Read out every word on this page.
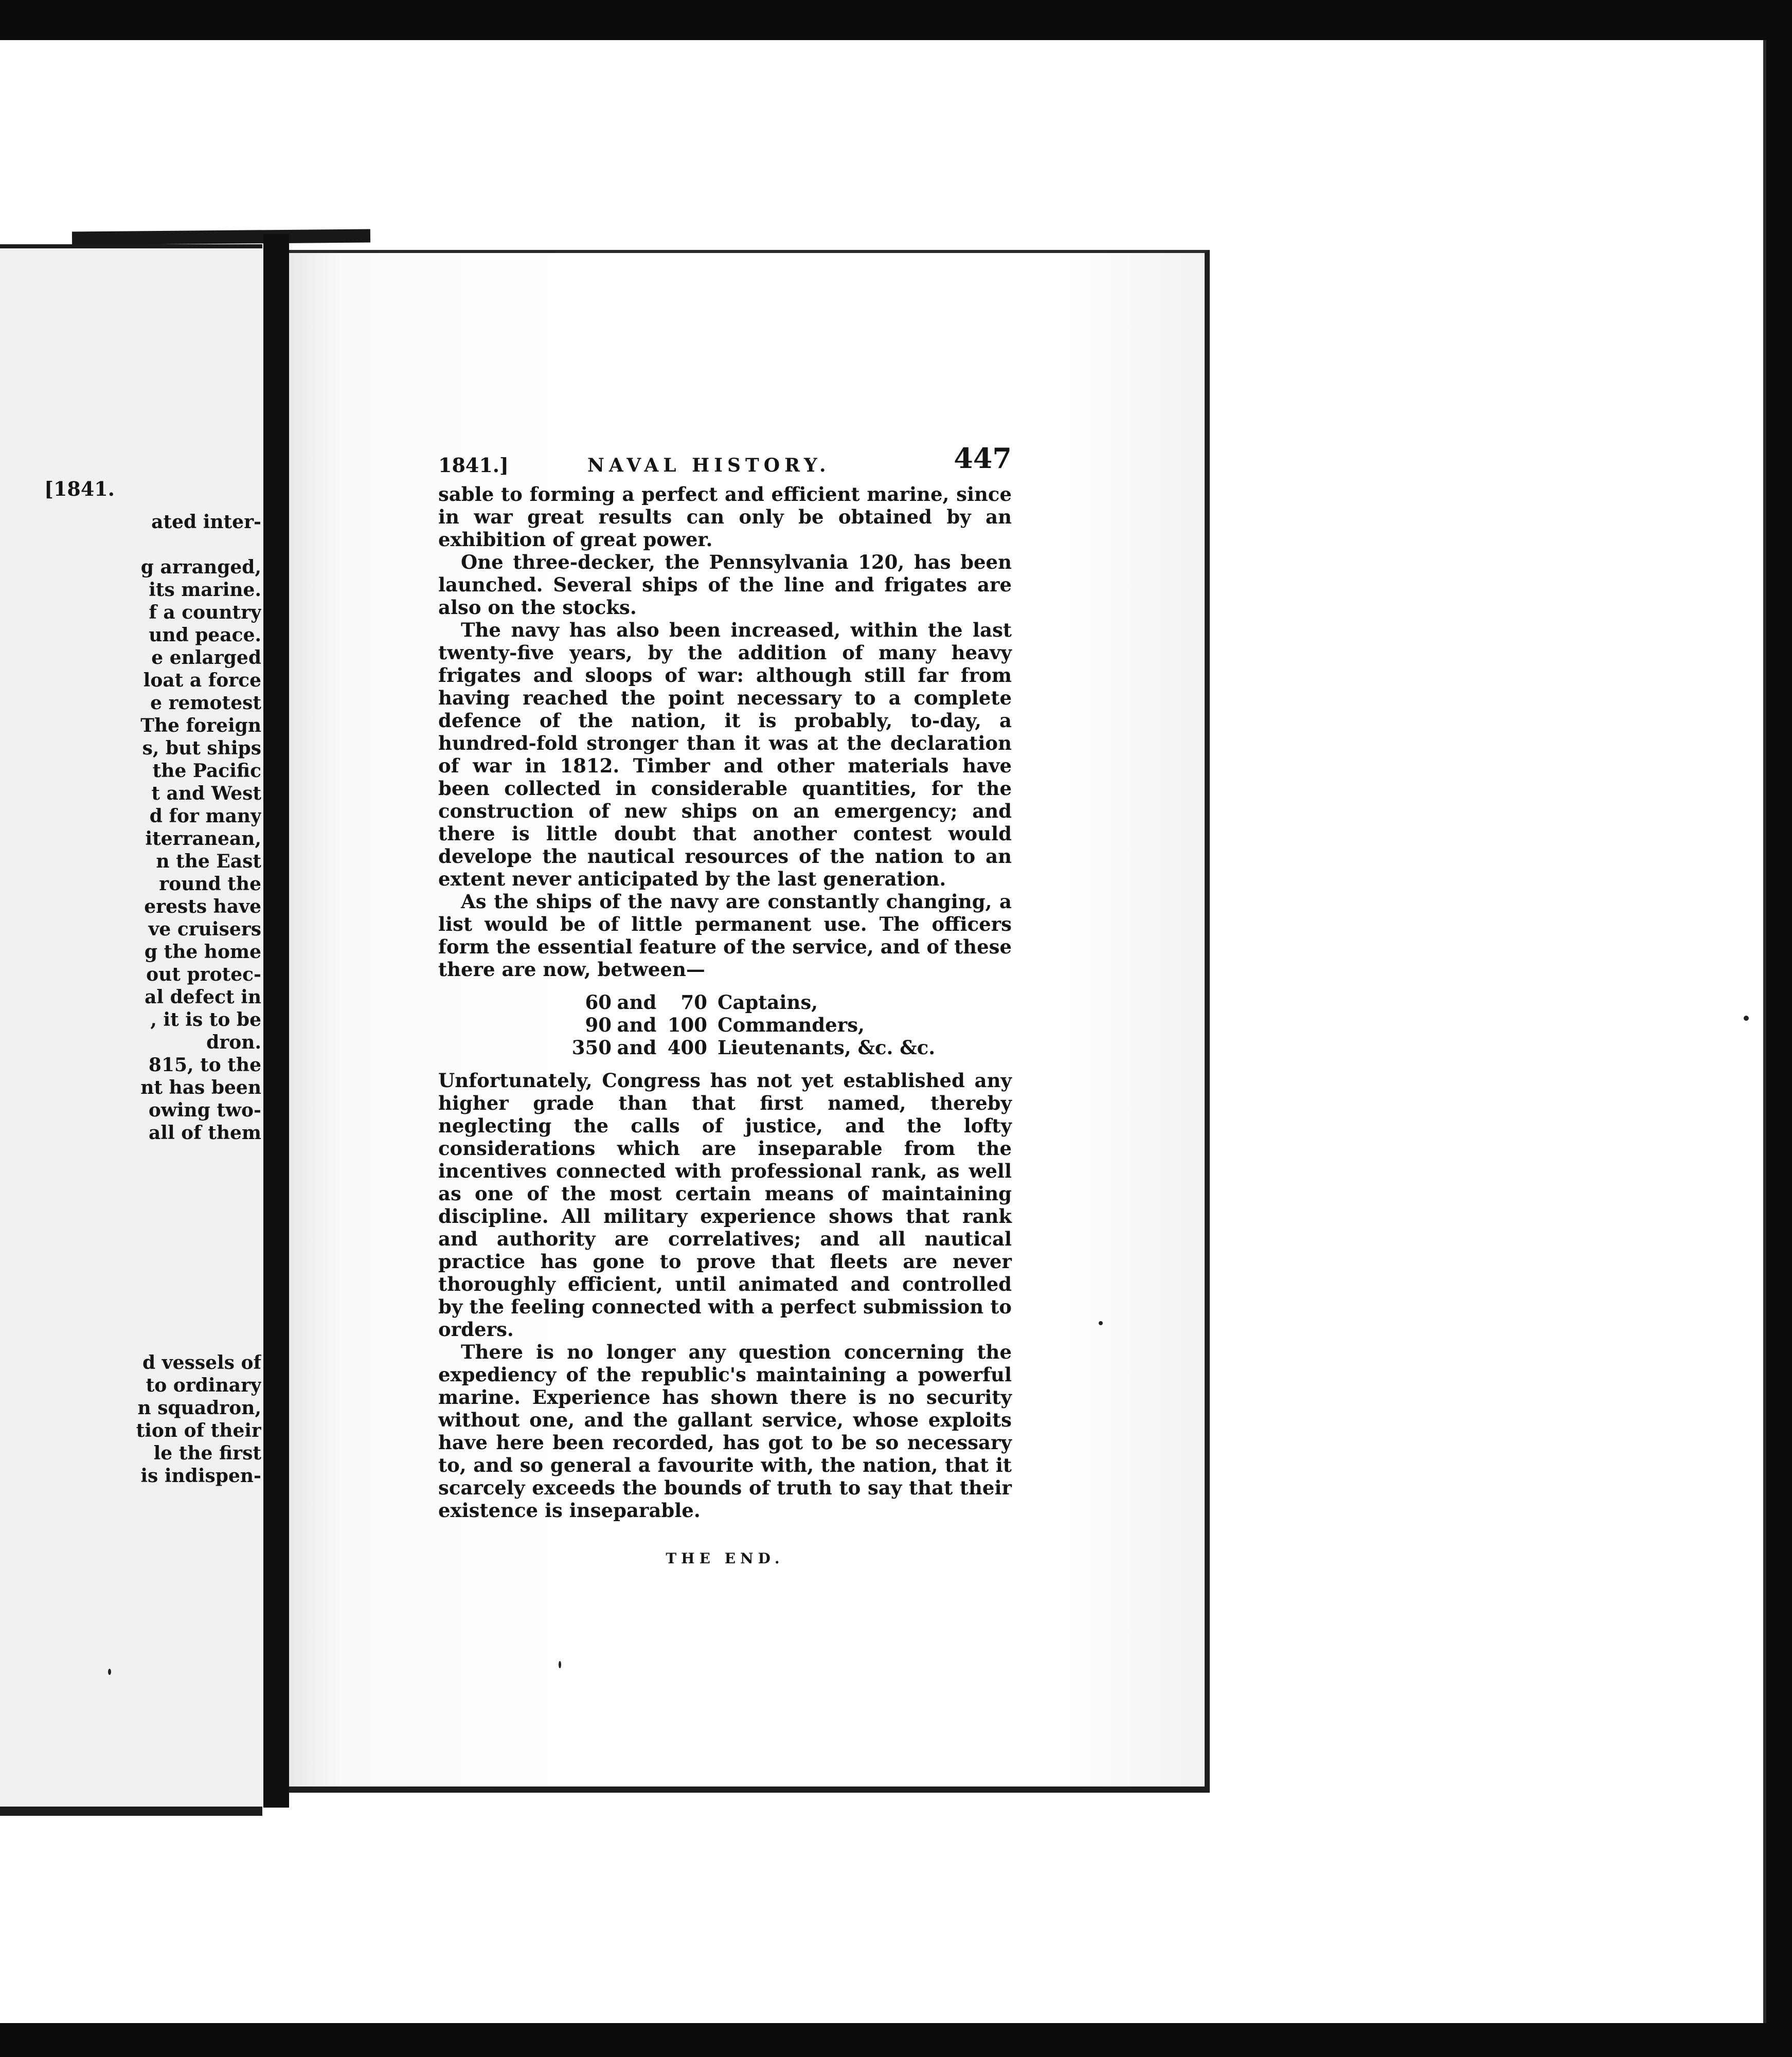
[1841.
ated inter-
g arranged,
its marine.
f a country
und peace.
e enlarged
loat a force
e remotest
The foreign
s, but ships
the Pacific
t and West
d for many
iterranean,
n the East
round the
erests have
ve cruisers
g the home
out protec-
al defect in
, it is to be
dron.
815, to the
nt has been
owing two-
all of them
d vessels of
to ordinary
n squadron,
tion of their
le the first
is indispen-
1841.]	NAVAL HISTORY.	447

sable to forming a perfect and efficient marine, since in war great results can only be obtained by an exhibition of great power.

One three-decker, the Pennsylvania 120, has been launched. Several ships of the line and frigates are also on the stocks.

The navy has also been increased, within the last twenty-five years, by the addition of many heavy frigates and sloops of war: although still far from having reached the point necessary to a complete defence of the nation, it is probably, to-day, a hundred-fold stronger than it was at the declaration of war in 1812. Timber and other materials have been collected in considerable quantities, for the construction of new ships on an emergency; and there is little doubt that another contest would develope the nautical resources of the nation to an extent never anticipated by the last generation.

As the ships of the navy are constantly changing, a list would be of little permanent use. The officers form the essential feature of the service, and of these there are now, between—

60	and	70	Captains,
90	and	100	Commanders,
350	and	400	Lieutenants, &c. &c.

Unfortunately, Congress has not yet established any higher grade than that first named, thereby neglecting the calls of justice, and the lofty considerations which are inseparable from the incentives connected with professional rank, as well as one of the most certain means of maintaining discipline. All military experience shows that rank and authority are correlatives; and all nautical practice has gone to prove that fleets are never thoroughly efficient, until animated and controlled by the feeling connected with a perfect submission to orders.

There is no longer any question concerning the expediency of the republic's maintaining a powerful marine. Experience has shown there is no security without one, and the gallant service, whose exploits have here been recorded, has got to be so necessary to, and so general a favourite with, the nation, that it scarcely exceeds the bounds of truth to say that their existence is inseparable.

THE END.
